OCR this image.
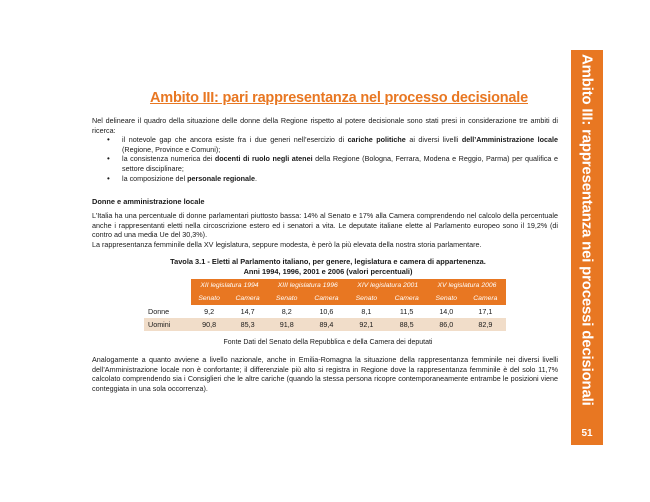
Ambito III: pari rappresentanza nel processo decisionale
Nel delineare il quadro della situazione delle donne della Regione rispetto al potere decisionale sono stati presi in considerazione tre ambiti di ricerca:
• il notevole gap che ancora esiste fra i due generi nell’esercizio di cariche politiche ai diversi livelli dell’Amministrazione locale (Regione, Province e Comuni);
• la consistenza numerica dei docenti di ruolo negli atenei della Regione (Bologna, Ferrara, Modena e Reggio, Parma) per qualifica e settore disciplinare;
• la composizione del personale regionale.
Donne e amministrazione locale
L’Italia ha una percentuale di donne parlamentari piuttosto bassa: 14% al Senato e 17% alla Camera comprendendo nel calcolo della percentuale anche i rappresentanti eletti nella circoscrizione estero ed i senatori a vita. Le deputate italiane elette al Parlamento europeo sono il 19,2% (di contro ad una media Ue del 30,3%).
La rappresentanza femminile della XV legislatura, seppure modesta, è però la più elevata della nostra storia parlamentare.
Tavola 3.1 - Eletti al Parlamento italiano, per genere, legislatura e camera di appartenenza.
Anni 1994, 1996, 2001 e 2006 (valori percentuali)
	XII legislatura 1994		XIII legislatura 1996		XIV legislatura 2001		XV legislatura 2006	
	Senato	Camera	Senato	Camera	Senato	Camera	Senato	Camera
Donne	9,2	14,7	8,2	10,6	8,1	11,5	14,0	17,1
Uomini	90,8	85,3	91,8	89,4	92,1	88,5	86,0	82,9
Fonte Dati del Senato della Repubblica e della Camera dei deputati
Analogamente a quanto avviene a livello nazionale, anche in Emilia-Romagna la situazione della rappresentanza femminile nei diversi livelli dell’Amministrazione locale non è confortante; il differenziale più alto si registra in Regione dove la rappresentanza femminile è del solo 11,7% calcolato comprendendo sia i Consiglieri che le altre cariche (quando la stessa persona ricopre contemporaneamente entrambe le posizioni viene conteggiata in una sola occorrenza).	Ambito III: rappresentanza nei processi decisionali
51
